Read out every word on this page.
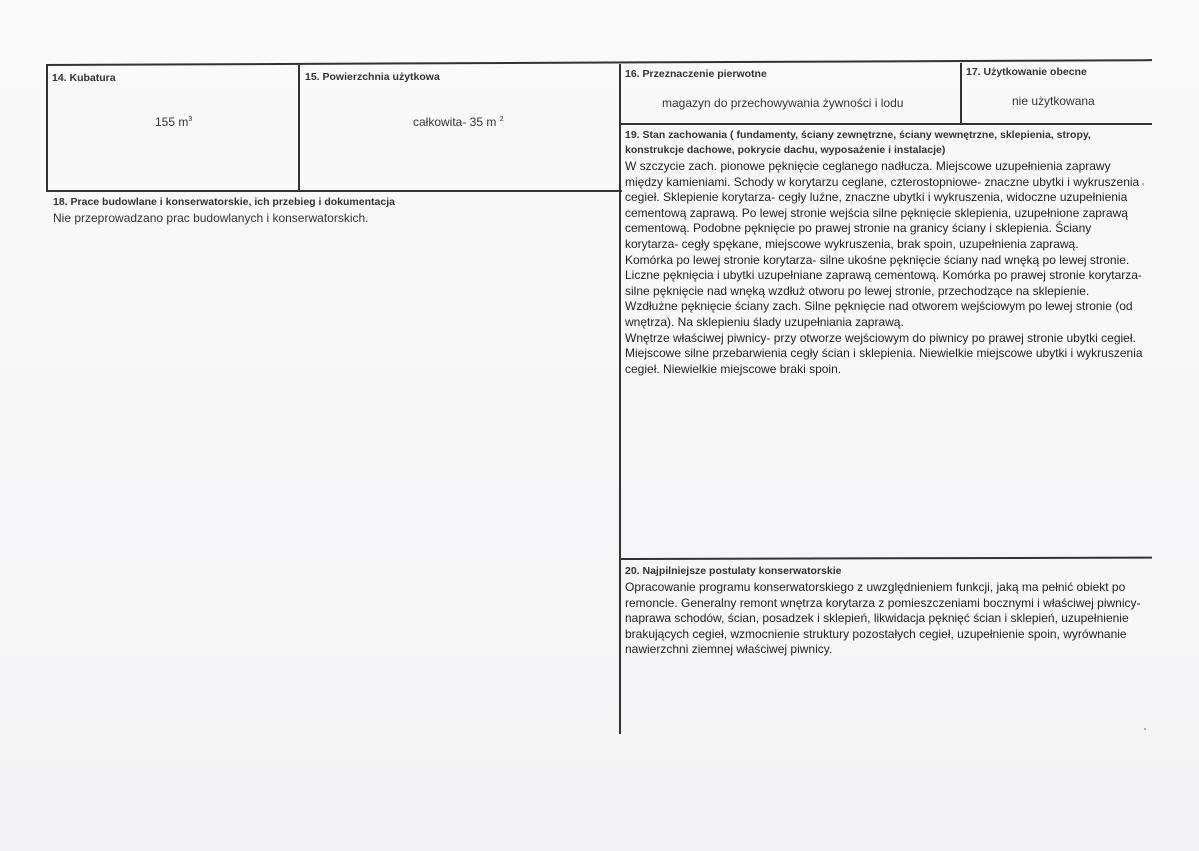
14. Kubatura
155 $m^3$
15. Powierzchnia użytkowa
całkowita- 35 m $^2$
16. Przeznaczenie pierwotne
magazyn do przechowywania żywności i lodu
17. Użytkowanie obecne
nie użytkowana
18. Prace budowlane i konserwatorskie, ich przebieg i dokumentacja
Nie przeprowadzano prac budowlanych i konserwatorskich.
19. Stan zachowania ( fundamenty, ściany zewnętrzne, ściany wewnętrzne, sklepienia, stropy,
konstrukcje dachowe, pokrycie dachu, wyposażenie i instalacje)

W szczycie zach. pionowe pęknięcie ceglanego nadłucza. Miejscowe uzupełnienia zaprawy między kamieniami. Schody w korytarzu ceglane, czterostopniowe- znaczne ubytki i wykruszenia cegieł. Sklepienie korytarza- cegły luźne, znaczne ubytki i wykruszenia, widoczne uzupełnienia cementową zaprawą. Po lewej stronie wejścia silne pęknięcie sklepienia, uzupełnione zaprawą cementową. Podobne pęknięcie po prawej stronie na granicy ściany i sklepienia. Ściany korytarza- cegły spękane, miejscowe wykruszenia, brak spoin, uzupełnienia zaprawą.

Komórka po lewej stronie korytarza- silne ukośne pęknięcie ściany nad wnęką po lewej stronie. Liczne pęknięcia i ubytki uzupełniane zaprawą cementową. Komórka po prawej stronie korytarza- silne pęknięcie nad wnęką wzdłuż otworu po lewej stronie, przechodzące na sklepienie. Wzdłużne pęknięcie ściany zach. Silne pęknięcie nad otworem wejściowym po lewej stronie (od wnętrza). Na sklepieniu ślady uzupełniania zaprawą.

Wnętrze właściwej piwnicy- przy otworze wejściowym do piwnicy po prawej stronie ubytki cegieł. Miejscowe silne przebarwienia cegły ścian i sklepienia. Niewielkie miejscowe ubytki i wykruszenia cegieł. Niewielkie miejscowe braki spoin.

20. Najpilniejsze postulaty konserwatorskie
Opracowanie programu konserwatorskiego z uwzględnieniem funkcji, jaką ma pełnić obiekt po remoncie. Generalny remont wnętrza korytarza z pomieszczeniami bocznymi i właściwej piwnicy- naprawa schodów, ścian, posadzek i sklepień, likwidacja pęknięć ścian i sklepień, uzupełnienie brakujących cegieł, wzmocnienie struktury pozostałych cegieł, uzupełnienie spoin, wyrównanie nawierzchni ziemnej właściwej piwnicy.
